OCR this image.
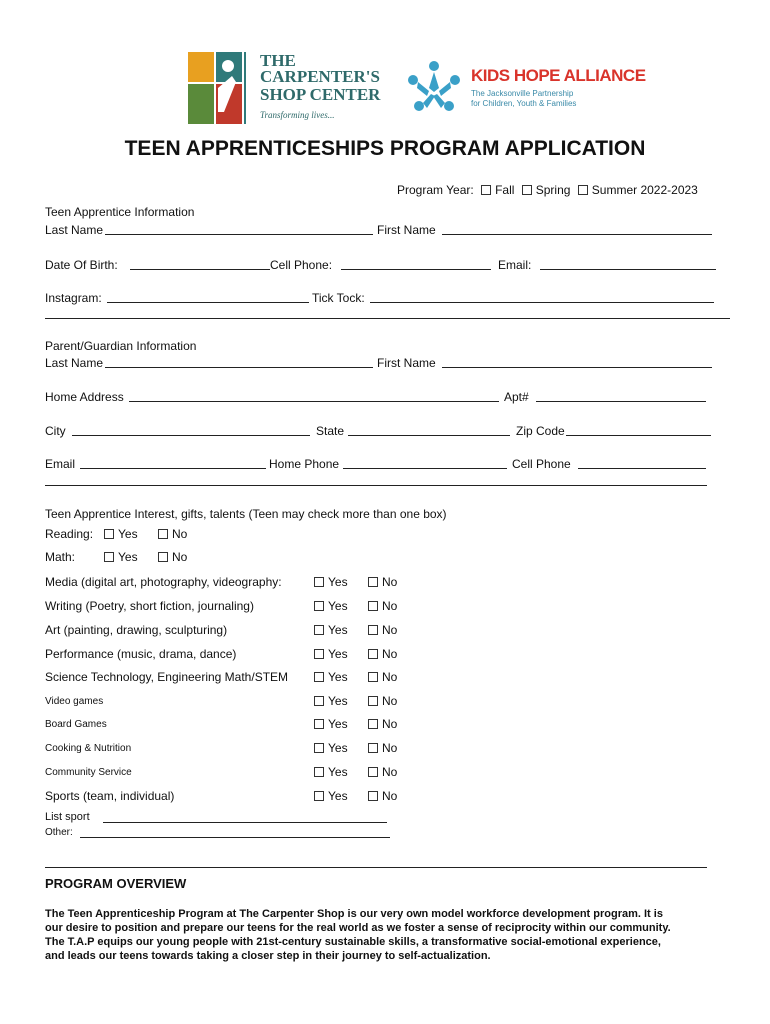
THE
CARPENTER'S
SHOP CENTER
Transforming lives...
KIDS HOPE ALLIANCE
The Jacksonville Partnership
for Children, Youth & Families
TEEN APPRENTICESHIPS PROGRAM APPLICATION
Program Year: Fall Spring Summer 2022-2023
Teen Apprentice Information
Last Name	First Name
Date Of Birth:	Cell Phone:	Email:
Instagram:	Tick Tock:
Parent/Guardian Information
Last Name	First Name
Home Address	Apt#
City	State	Zip Code
Email	Home Phone	Cell Phone
Teen Apprentice Interest, gifts, talents (Teen may check more than one box)
Reading:	Yes	No
Math:	Yes	No
Media (digital art, photography, videography:	Yes	No
Writing (Poetry, short fiction, journaling)	Yes	No
Art (painting, drawing, sculpturing)	Yes	No
Performance (music, drama, dance)	Yes	No
Science Technology, Engineering Math/STEM	Yes	No
Video games	Yes	No
Board Games	Yes	No
Cooking & Nutrition	Yes	No
Community Service	Yes	No
Sports (team, individual)	Yes	No
List sport
Other:
PROGRAM OVERVIEW
The Teen Apprenticeship Program at The Carpenter Shop is our very own model workforce development program. It is
our desire to position and prepare our teens for the real world as we foster a sense of reciprocity within our community.
The T.A.P equips our young people with 21st-century sustainable skills, a transformative social-emotional experience,
and leads our teens towards taking a closer step in their journey to self-actualization.
